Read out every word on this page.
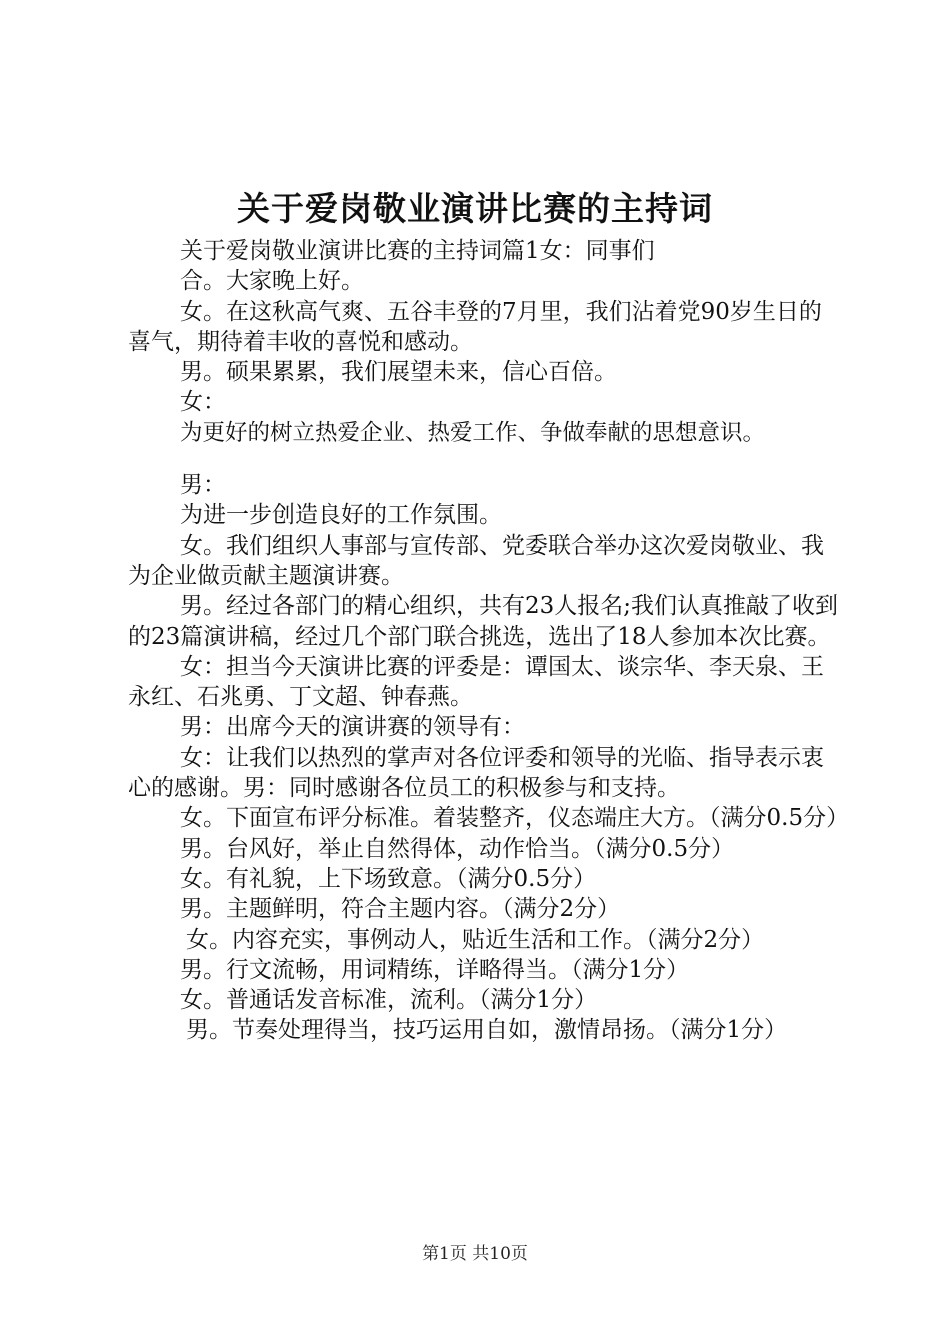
关于爱岗敬业演讲比赛的主持词

关于爱岗敬业演讲比赛的主持词篇1女：同事们

合。大家晚上好。

女。在这秋高气爽、五谷丰登的7月里，我们沾着党90岁生日的喜气，期待着丰收的喜悦和感动。

男。硕果累累，我们展望未来，信心百倍。

女：

为更好的树立热爱企业、热爱工作、争做奉献的思想意识。

男：

为进一步创造良好的工作氛围。

女。我们组织人事部与宣传部、党委联合举办这次爱岗敬业、我为企业做贡献主题演讲赛。

男。经过各部门的精心组织，共有23人报名;我们认真推敲了收到的23篇演讲稿，经过几个部门联合挑选，选出了18人参加本次比赛。

女：担当今天演讲比赛的评委是：谭国太、谈宗华、李天泉、王永红、石兆勇、丁文超、钟春燕。

男：出席今天的演讲赛的领导有：

女：让我们以热烈的掌声对各位评委和领导的光临、指导表示衷心的感谢。男：同时感谢各位员工的积极参与和支持。

女。下面宣布评分标准。着装整齐，仪态端庄大方。（满分0.5分）

男。台风好，举止自然得体，动作恰当。（满分0.5分）

女。有礼貌，上下场致意。（满分0.5分）

男。主题鲜明，符合主题内容。（满分2分）

女。内容充实，事例动人，贴近生活和工作。（满分2分）

男。行文流畅，用词精练，详略得当。（满分1分）

女。普通话发音标准，流利。（满分1分）

男。节奏处理得当，技巧运用自如，激情昂扬。（满分1分）

第1页 共10页
